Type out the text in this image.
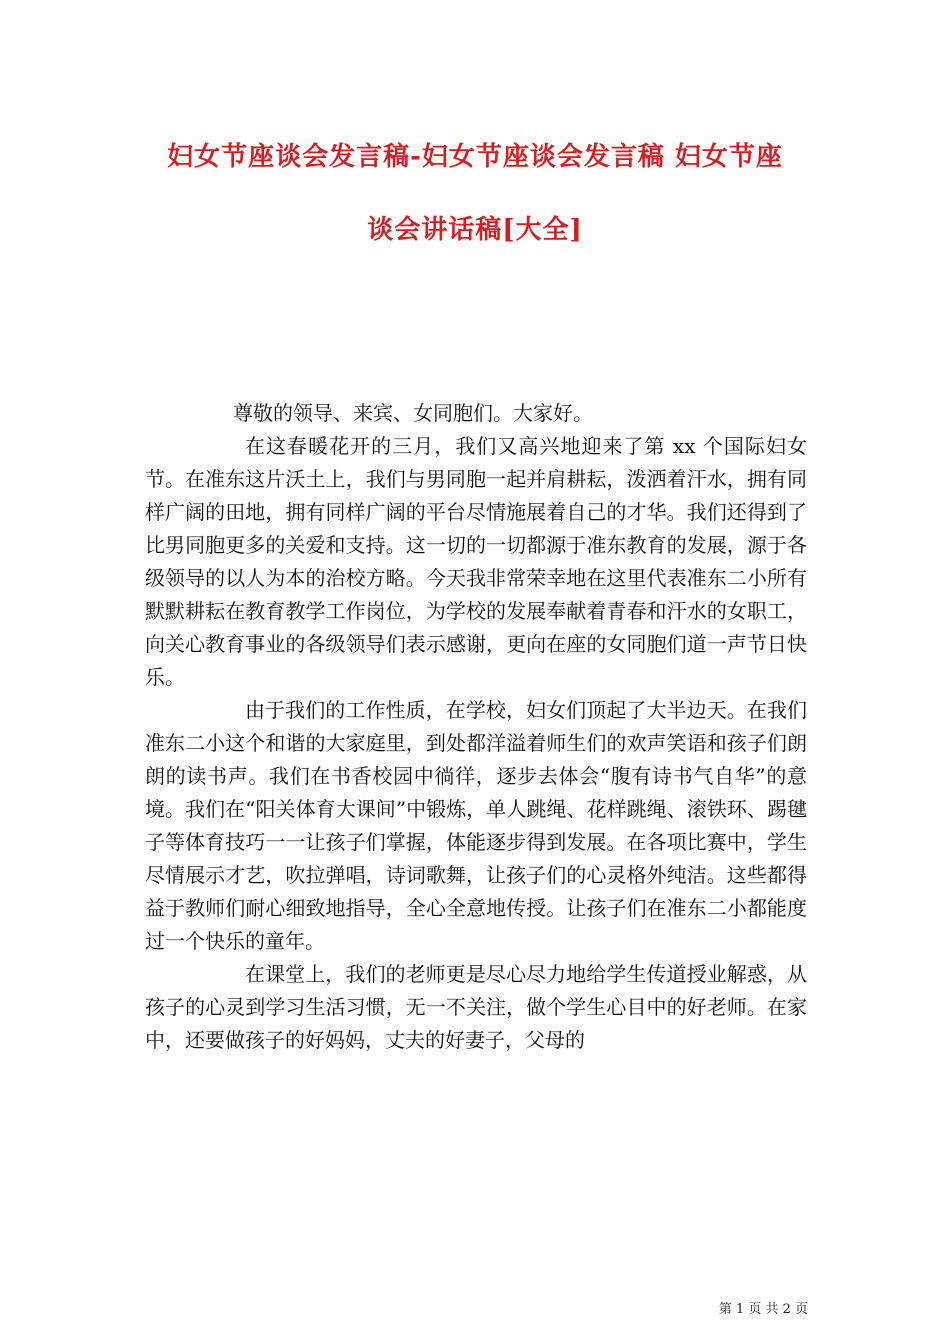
妇女节座谈会发言稿-妇女节座谈会发言稿 妇女节座
谈会讲话稿[大全]

尊敬的领导、来宾、女同胞们。大家好。

在这春暖花开的三月，我们又高兴地迎来了第 xx 个国际妇女节。在准东这片沃土上，我们与男同胞一起并肩耕耘，泼洒着汗水，拥有同样广阔的田地，拥有同样广阔的平台尽情施展着自己的才华。我们还得到了比男同胞更多的关爱和支持。这一切的一切都源于准东教育的发展，源于各级领导的以人为本的治校方略。今天我非常荣幸地在这里代表准东二小所有默默耕耘在教育教学工作岗位，为学校的发展奉献着青春和汗水的女职工，向关心教育事业的各级领导们表示感谢，更向在座的女同胞们道一声节日快乐。

由于我们的工作性质，在学校，妇女们顶起了大半边天。在我们准东二小这个和谐的大家庭里，到处都洋溢着师生们的欢声笑语和孩子们朗朗的读书声。我们在书香校园中徜徉，逐步去体会“腹有诗书气自华”的意境。我们在“阳关体育大课间”中锻炼，单人跳绳、花样跳绳、滚铁环、踢毽子等体育技巧一一让孩子们掌握，体能逐步得到发展。在各项比赛中，学生尽情展示才艺，吹拉弹唱，诗词歌舞，让孩子们的心灵格外纯洁。这些都得益于教师们耐心细致地指导，全心全意地传授。让孩子们在准东二小都能度过一个快乐的童年。

在课堂上，我们的老师更是尽心尽力地给学生传道授业解惑，从孩子的心灵到学习生活习惯，无一不关注，做个学生心目中的好老师。在家中，还要做孩子的好妈妈，丈夫的好妻子，父母的

第 1 页 共 2 页
